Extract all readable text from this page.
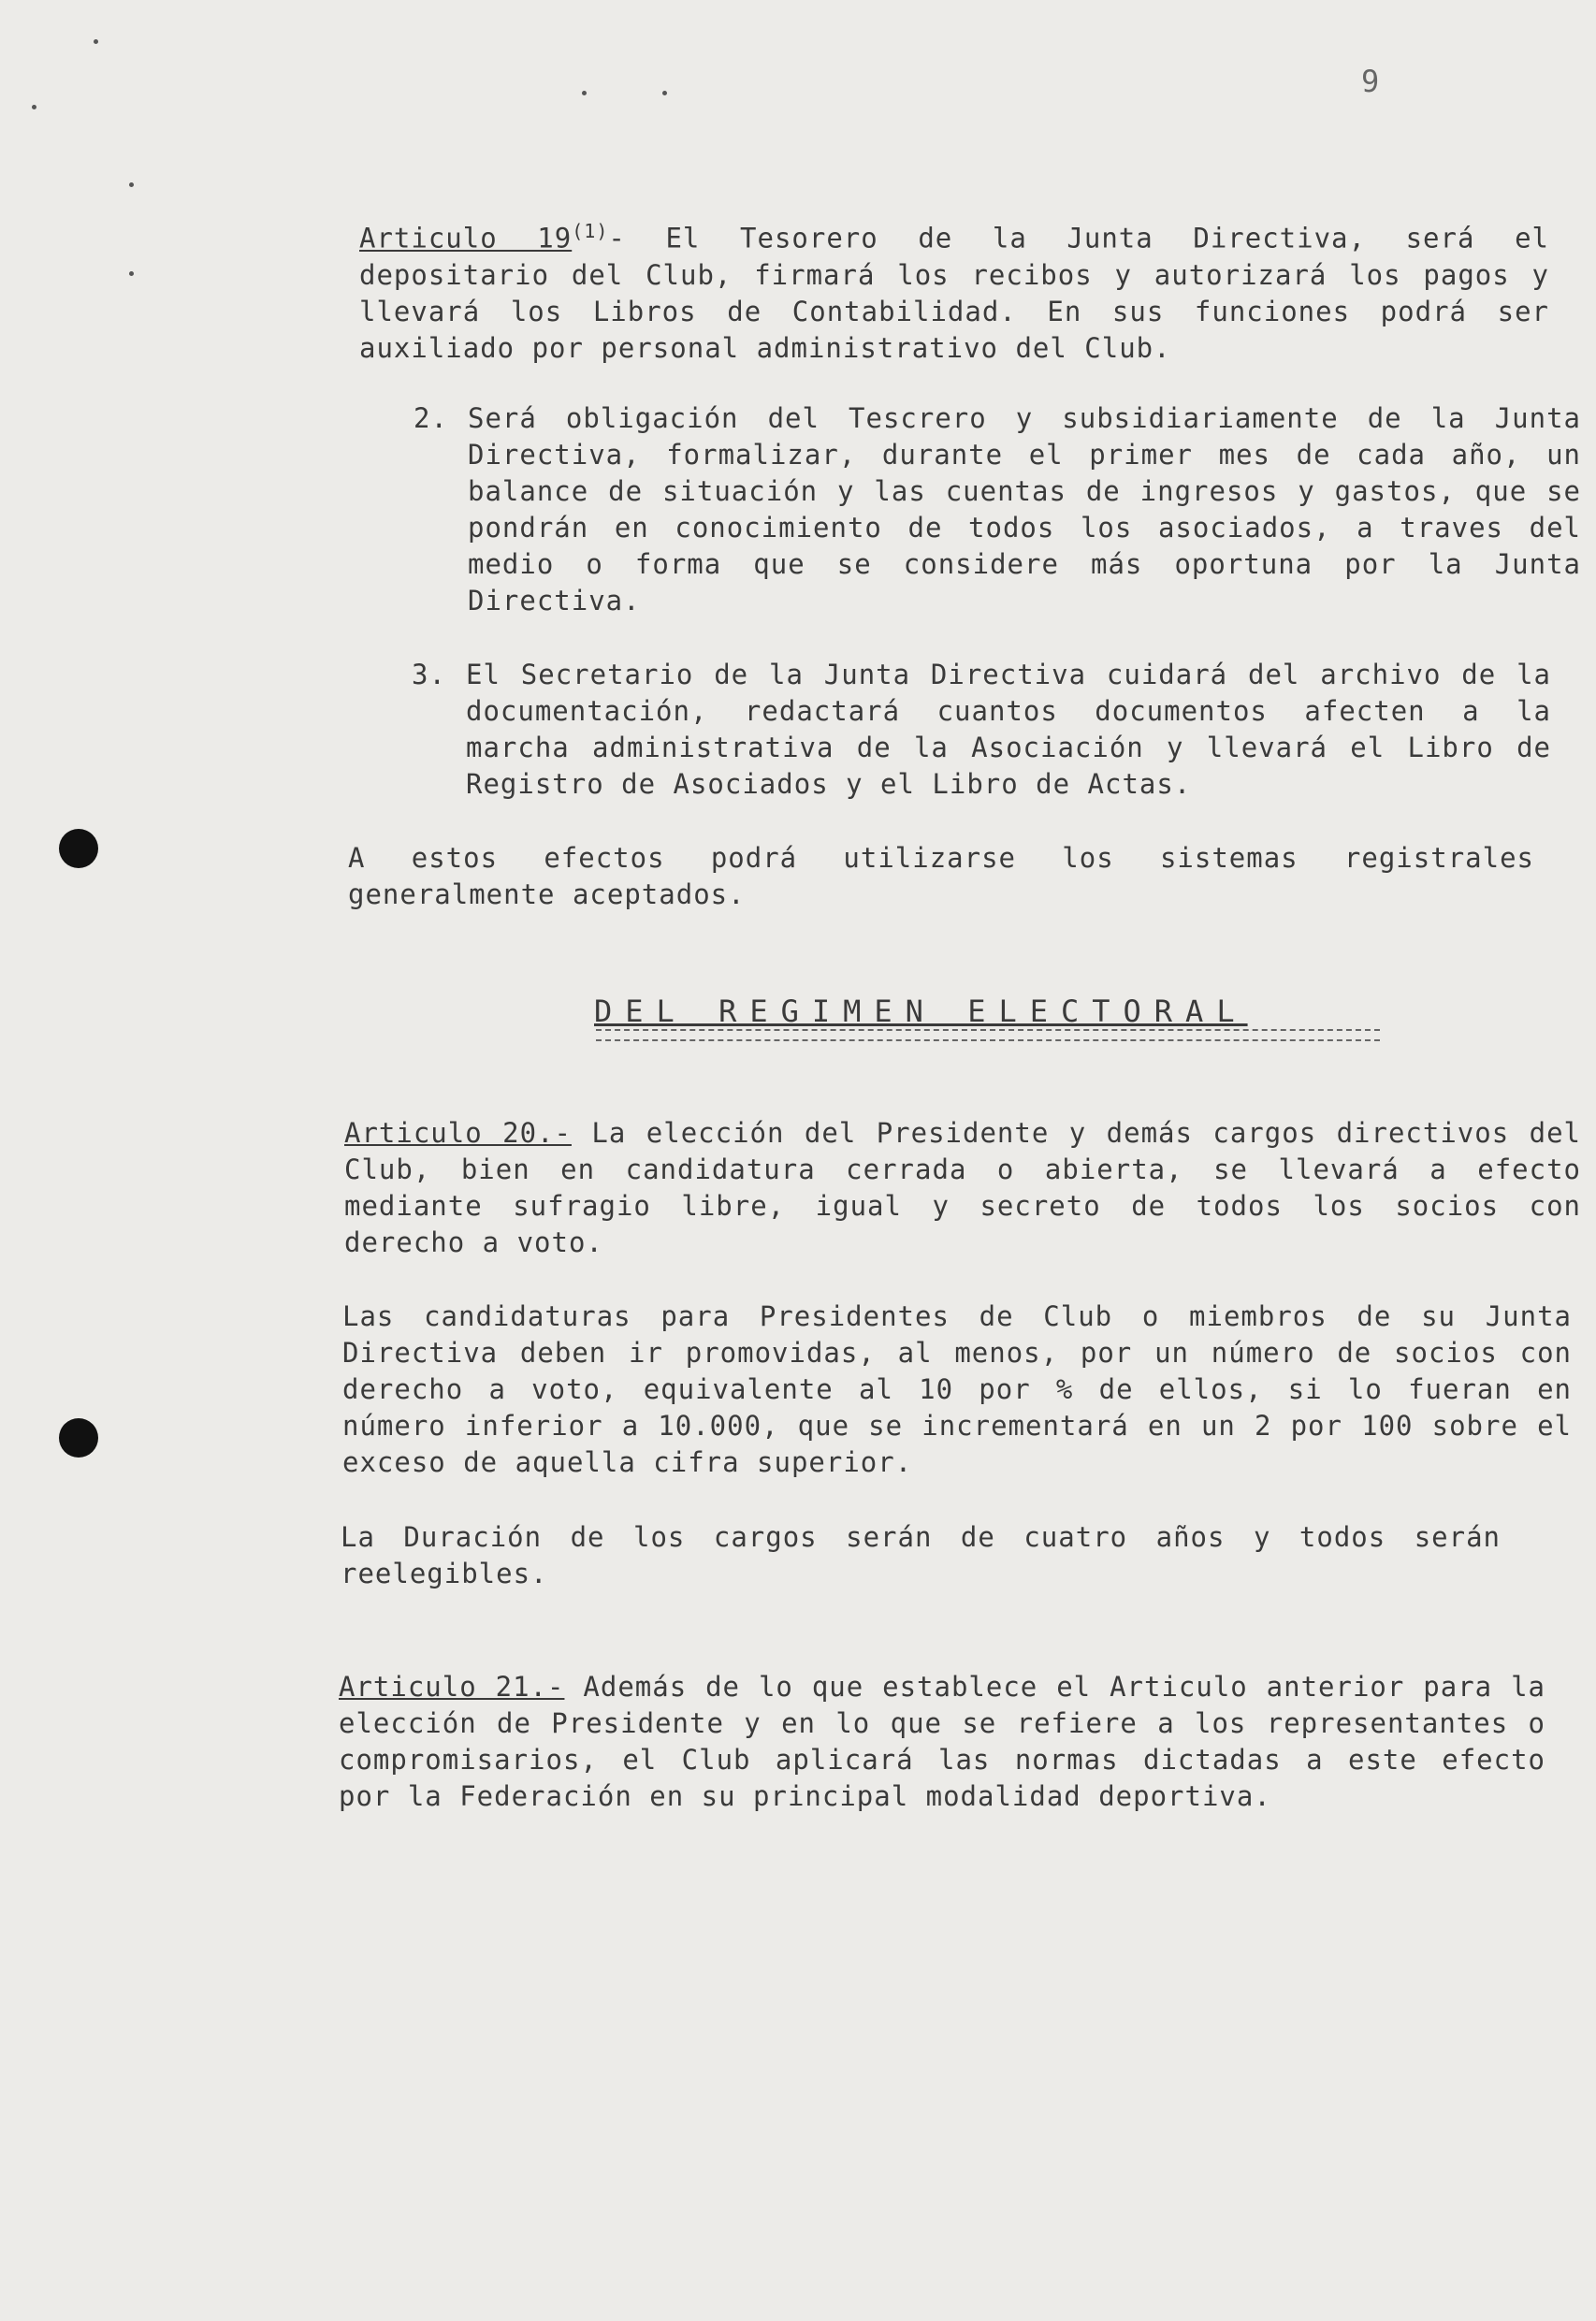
9
Articulo 19$^{(1)}$- El Tesorero de la Junta Directiva, será el depositario del Club, firmará los recibos y autorizará los pagos y llevará los Libros de Contabilidad. En sus funciones podrá ser auxiliado por personal administrativo del Club.
2. Será obligación del Tescrero y subsidiariamente de la Junta Directiva, formalizar, durante el primer mes de cada año, un balance de situación y las cuentas de ingresos y gastos, que se pondrán en conocimiento de todos los asociados, a traves del medio o forma que se considere más oportuna por la Junta Directiva.
3. El Secretario de la Junta Directiva cuidará del archivo de la documentación, redactará cuantos documentos afecten a la marcha administrativa de la Asociación y llevará el Libro de Registro de Asociados y el Libro de Actas.
A estos efectos podrá utilizarse los sistemas registrales generalmente aceptados.
DEL REGIMEN ELECTORAL
Articulo 20.- La elección del Presidente y demás cargos directivos del Club, bien en candidatura cerrada o abierta, se llevará a efecto mediante sufragio libre, igual y secreto de todos los socios con derecho a voto.
Las candidaturas para Presidentes de Club o miembros de su Junta Directiva deben ir promovidas, al menos, por un número de socios con derecho a voto, equivalente al 10 por % de ellos, si lo fueran en número inferior a 10.000, que se incrementará en un 2 por 100 sobre el exceso de aquella cifra superior.
La Duración de los cargos serán de cuatro años y todos serán reelegibles.
Articulo 21.- Además de lo que establece el Articulo anterior para la elección de Presidente y en lo que se refiere a los representantes o compromisarios, el Club aplicará las normas dictadas a este efecto por la Federación en su principal modalidad deportiva.
